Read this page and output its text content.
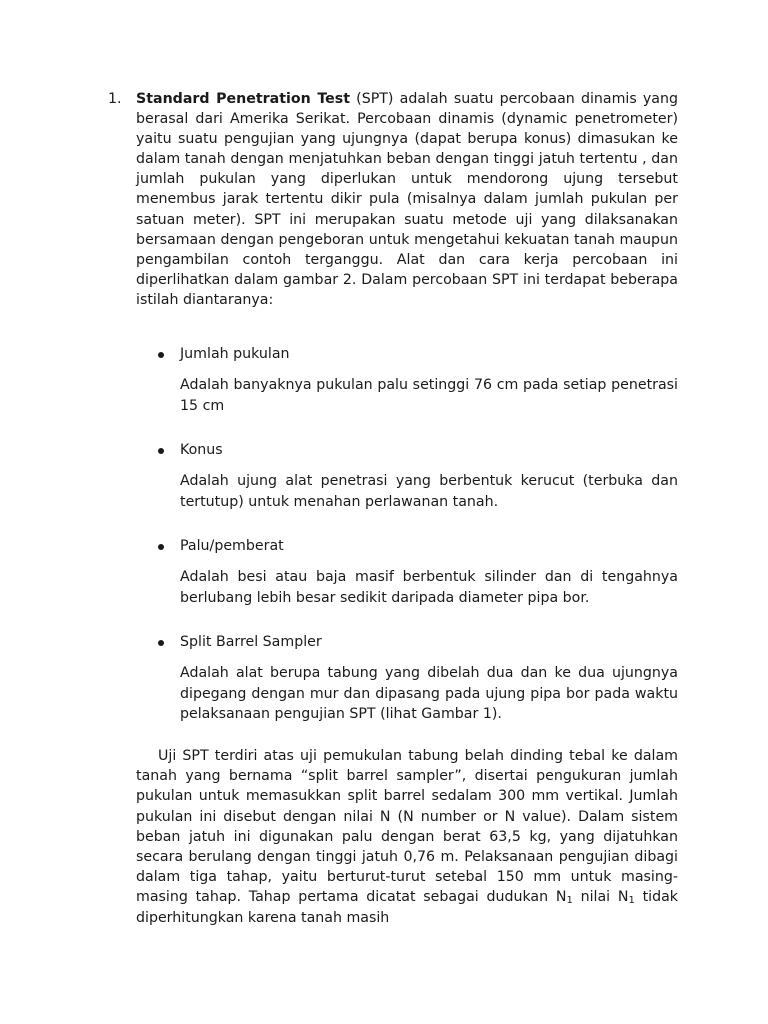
1. Standard Penetration Test (SPT) adalah suatu percobaan dinamis yang berasal dari Amerika Serikat. Percobaan dinamis (dynamic penetrometer) yaitu suatu pengujian yang ujungnya (dapat berupa konus) dimasukan ke dalam tanah dengan menjatuhkan beban dengan tinggi jatuh tertentu , dan jumlah pukulan yang diperlukan untuk mendorong ujung tersebut menembus jarak tertentu dikir pula (misalnya dalam jumlah pukulan per satuan meter). SPT ini merupakan suatu metode uji yang dilaksanakan bersamaan dengan pengeboran untuk mengetahui kekuatan tanah maupun pengambilan contoh terganggu. Alat dan cara kerja percobaan ini diperlihatkan dalam gambar 2. Dalam percobaan SPT ini terdapat beberapa istilah diantaranya:
Jumlah pukulan
Adalah banyaknya pukulan palu setinggi 76 cm pada setiap penetrasi 15 cm
Konus
Adalah ujung alat penetrasi yang berbentuk kerucut (terbuka dan tertutup) untuk menahan perlawanan tanah.
Palu/pemberat
Adalah besi atau baja masif berbentuk silinder dan di tengahnya berlubang lebih besar sedikit daripada diameter pipa bor.
Split Barrel Sampler
Adalah alat berupa tabung yang dibelah dua dan ke dua ujungnya dipegang dengan mur dan dipasang pada ujung pipa bor pada waktu pelaksanaan pengujian SPT (lihat Gambar 1).
Uji SPT terdiri atas uji pemukulan tabung belah dinding tebal ke dalam tanah yang bernama “split barrel sampler”, disertai pengukuran jumlah pukulan untuk memasukkan split barrel sedalam 300 mm vertikal. Jumlah pukulan ini disebut dengan nilai N (N number or N value). Dalam sistem beban jatuh ini digunakan palu dengan berat 63,5 kg, yang dijatuhkan secara berulang dengan tinggi jatuh 0,76 m. Pelaksanaan pengujian dibagi dalam tiga tahap, yaitu berturut-turut setebal 150 mm untuk masing-masing tahap. Tahap pertama dicatat sebagai dudukan $N_1$ nilai $N_1$ tidak diperhitungkan karena tanah masih
